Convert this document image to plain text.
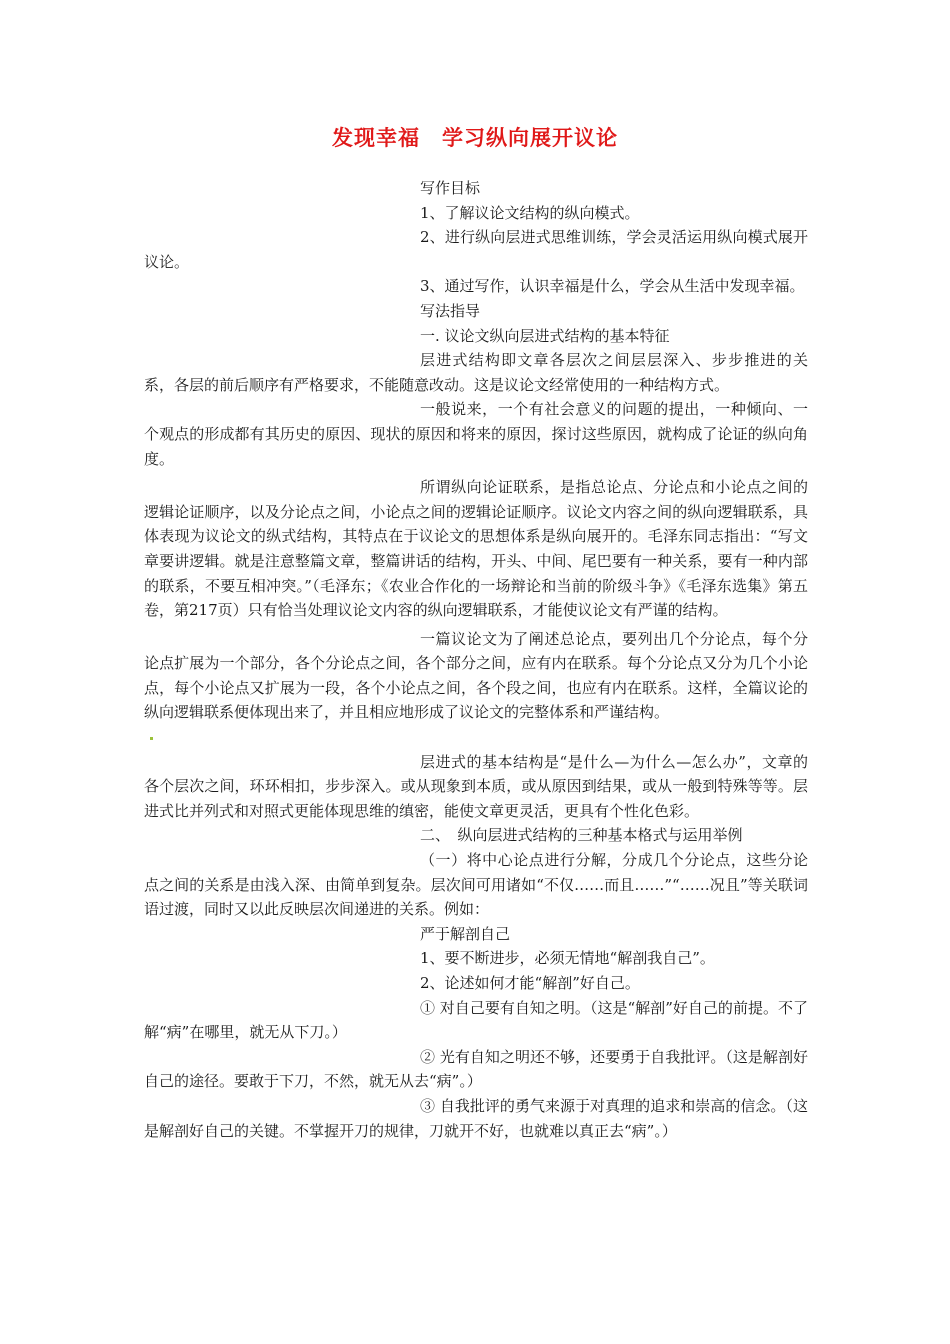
发现幸福　学习纵向展开议论

写作目标

1、了解议论文结构的纵向模式。

2、进行纵向层进式思维训练，学会灵活运用纵向模式展开议论。

3、通过写作，认识幸福是什么，学会从生活中发现幸福。

写法指导

一. 议论文纵向层进式结构的基本特征

层进式结构即文章各层次之间层层深入、步步推进的关系，各层的前后顺序有严格要求，不能随意改动。这是议论文经常使用的一种结构方式。

一般说来，一个有社会意义的问题的提出，一种倾向、一个观点的形成都有其历史的原因、现状的原因和将来的原因，探讨这些原因，就构成了论证的纵向角度。

所谓纵向论证联系，是指总论点、分论点和小论点之间的逻辑论证顺序，以及分论点之间，小论点之间的逻辑论证顺序。议论文内容之间的纵向逻辑联系，具体表现为议论文的纵式结构，其特点在于议论文的思想体系是纵向展开的。毛泽东同志指出：“写文章要讲逻辑。就是注意整篇文章，整篇讲话的结构，开头、中间、尾巴要有一种关系，要有一种内部的联系，不要互相冲突。”（毛泽东；《农业合作化的一场辩论和当前的阶级斗争》《毛泽东选集》第五卷，第217页）只有恰当处理议论文内容的纵向逻辑联系，才能使议论文有严谨的结构。

一篇议论文为了阐述总论点，要列出几个分论点，每个分论点扩展为一个部分，各个分论点之间，各个部分之间，应有内在联系。每个分论点又分为几个小论点，每个小论点又扩展为一段，各个小论点之间，各个段之间，也应有内在联系。这样，全篇议论的纵向逻辑联系便体现出来了，并且相应地形成了议论文的完整体系和严谨结构。

层进式的基本结构是“是什么—为什么—怎么办”，文章的各个层次之间，环环相扣，步步深入。或从现象到本质，或从原因到结果，或从一般到特殊等等。层进式比并列式和对照式更能体现思维的缜密，能使文章更灵活，更具有个性化色彩。

二、　纵向层进式结构的三种基本格式与运用举例

（一）将中心论点进行分解，分成几个分论点，这些分论点之间的关系是由浅入深、由简单到复杂。层次间可用诸如“不仅……而且……”“……况且”等关联词语过渡，同时又以此反映层次间递进的关系。例如：

严于解剖自己

1、要不断进步，必须无情地“解剖我自己”。

2、论述如何才能“解剖”好自己。

① 对自己要有自知之明。（这是“解剖”好自己的前提。不了解“病”在哪里，就无从下刀。）

② 光有自知之明还不够，还要勇于自我批评。（这是解剖好自己的途径。要敢于下刀，不然，就无从去“病”。）

③ 自我批评的勇气来源于对真理的追求和崇高的信念。（这是解剖好自己的关键。不掌握开刀的规律，刀就开不好，也就难以真正去“病”。）
